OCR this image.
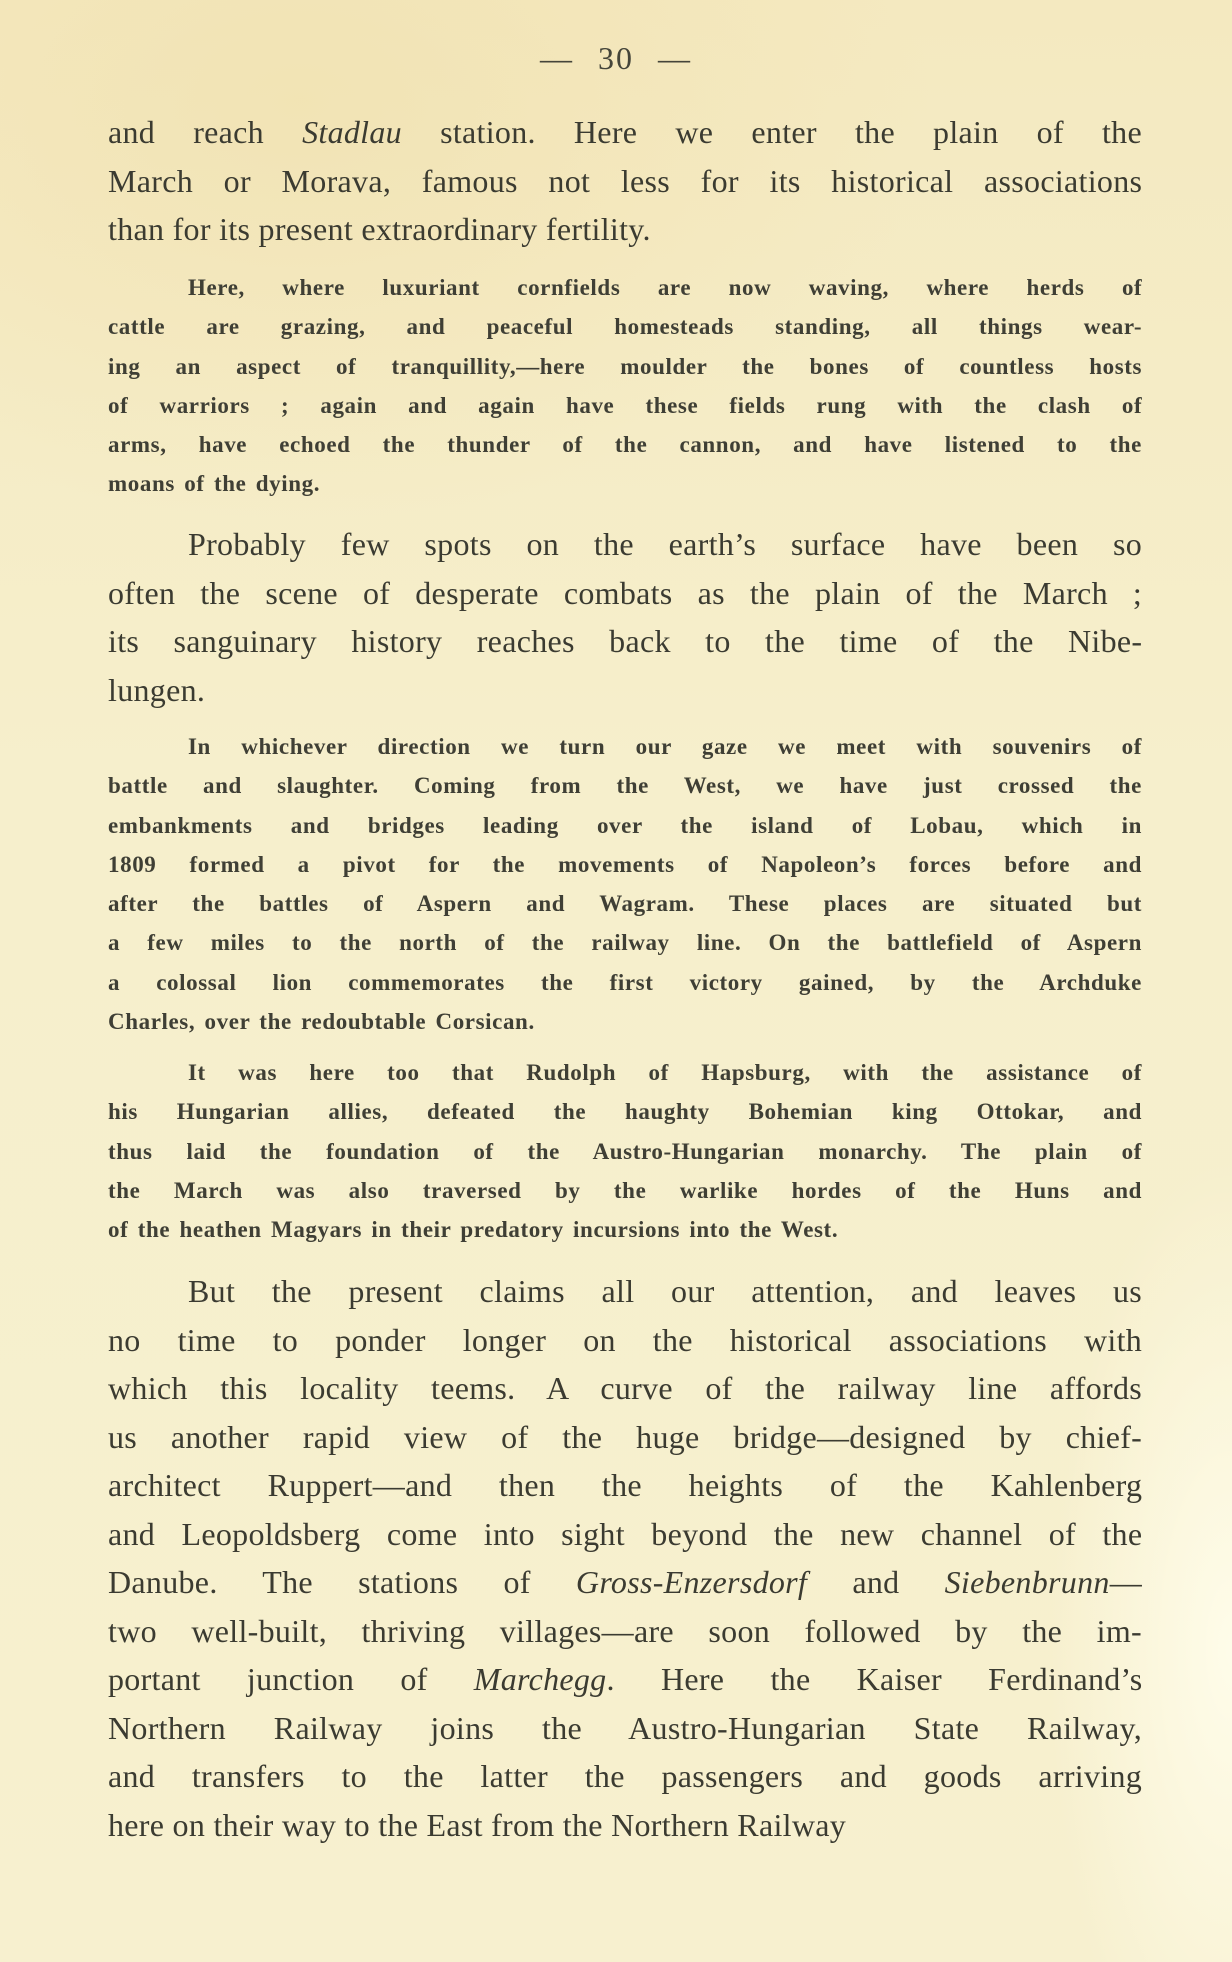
— 30 —
and reach Stadlau station. Here we enter the plain of the
March or Morava, famous not less for its historical associations
than for its present extraordinary fertility.
Here, where luxuriant cornfields are now waving, where herds of
cattle are grazing, and peaceful homesteads standing, all things wear-
ing an aspect of tranquillity,—here moulder the bones of countless hosts
of warriors ; again and again have these fields rung with the clash of
arms, have echoed the thunder of the cannon, and have listened to the
moans of the dying.
Probably few spots on the earth’s surface have been so
often the scene of desperate combats as the plain of the March ;
its sanguinary history reaches back to the time of the Nibe-
lungen.
In whichever direction we turn our gaze we meet with souvenirs of
battle and slaughter. Coming from the West, we have just crossed the
embankments and bridges leading over the island of Lobau, which in
1809 formed a pivot for the movements of Napoleon’s forces before and
after the battles of Aspern and Wagram. These places are situated but
a few miles to the north of the railway line. On the battlefield of Aspern
a colossal lion commemorates the first victory gained, by the Archduke
Charles, over the redoubtable Corsican.
It was here too that Rudolph of Hapsburg, with the assistance of
his Hungarian allies, defeated the haughty Bohemian king Ottokar, and
thus laid the foundation of the Austro-Hungarian monarchy. The plain of
the March was also traversed by the warlike hordes of the Huns and
of the heathen Magyars in their predatory incursions into the West.
But the present claims all our attention, and leaves us
no time to ponder longer on the historical associations with
which this locality teems. A curve of the railway line affords
us another rapid view of the huge bridge—designed by chief-
architect Ruppert—and then the heights of the Kahlenberg
and Leopoldsberg come into sight beyond the new channel of the
Danube. The stations of Gross-Enzersdorf and Siebenbrunn—
two well-built, thriving villages—are soon followed by the im-
portant junction of Marchegg. Here the Kaiser Ferdinand’s
Northern Railway joins the Austro-Hungarian State Railway,
and transfers to the latter the passengers and goods arriving
here on their way to the East from the Northern Railway
